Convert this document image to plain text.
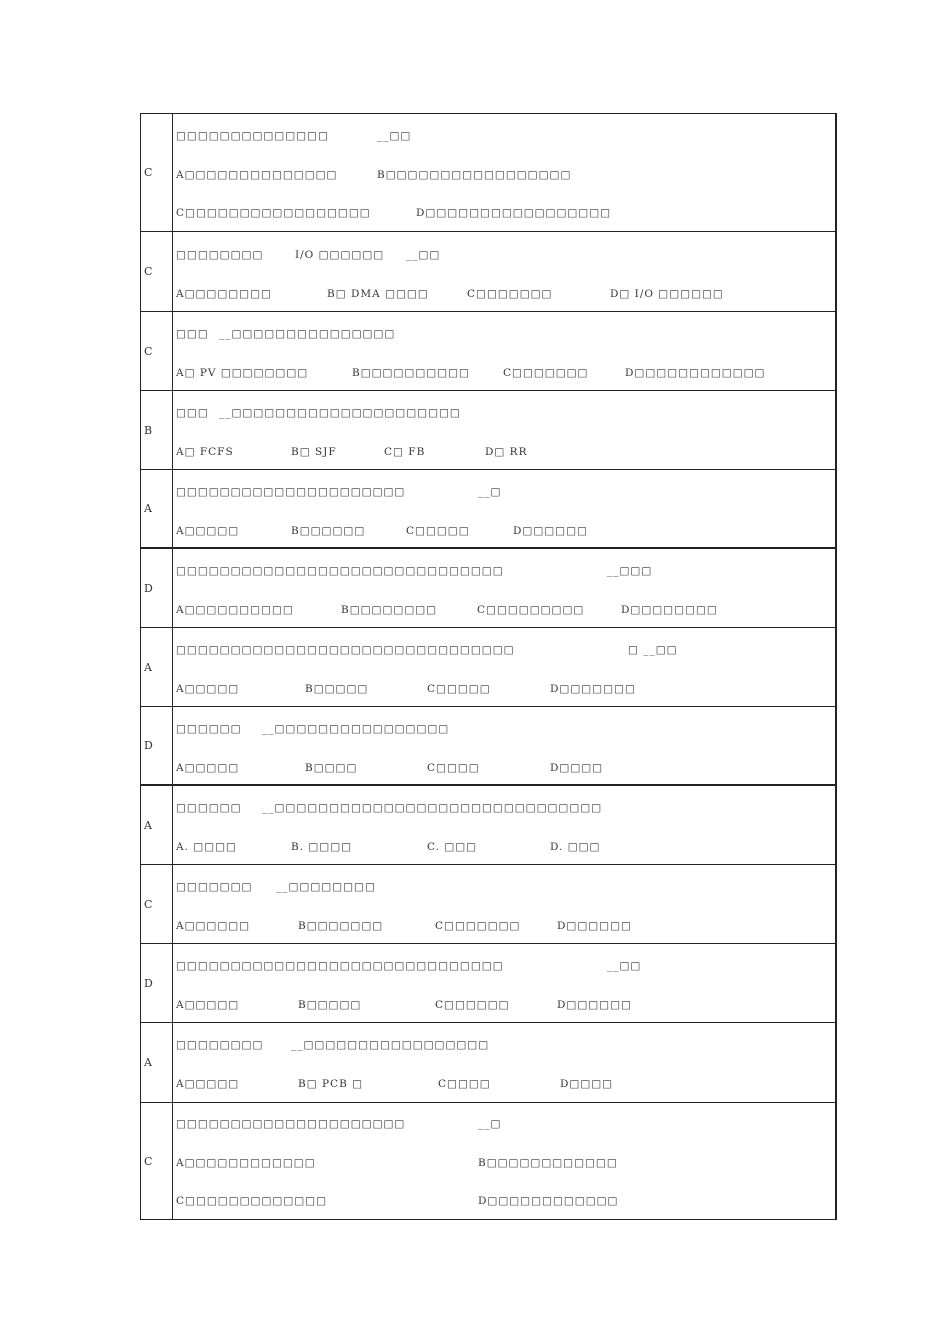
C
□□□□□□□□□□□□□□	__□□
A□□□□□□□□□□□□□□	B□□□□□□□□□□□□□□□□□
C□□□□□□□□□□□□□□□□□	D□□□□□□□□□□□□□□□□□
C
□□□□□□□□	I/O □□□□□□ __□□
A□□□□□□□□	B□ DMA □□□□	C□□□□□□□	D□ I/O □□□□□□
C
□□□ __□□□□□□□□□□□□□□□
A□ PV □□□□□□□□	B□□□□□□□□□□	C□□□□□□□	D□□□□□□□□□□□□
B
□□□ __□□□□□□□□□□□□□□□□□□□□□
A□ FCFS	B□ SJF	C□ FB	D□ RR
A
□□□□□□□□□□□□□□□□□□□□□	__□
A□□□□□	B□□□□□□	C□□□□□	D□□□□□□
D
□□□□□□□□□□□□□□□□□□□□□□□□□□□□□□	__□□□
A□□□□□□□□□□	B□□□□□□□□	C□□□□□□□□□	D□□□□□□□□
A
□□□□□□□□□□□□□□□□□□□□□□□□□□□□□□□	□ __□□
A□□□□□	B□□□□□	C□□□□□	D□□□□□□□
D
□□□□□□ __□□□□□□□□□□□□□□□□
A□□□□□	B□□□□	C□□□□	D□□□□
A
□□□□□□ __□□□□□□□□□□□□□□□□□□□□□□□□□□□□□□
A. □□□□	B. □□□□	C. □□□	D. □□□
C
□□□□□□□ __□□□□□□□□
A□□□□□□	B□□□□□□□	C□□□□□□□	D□□□□□□
D
□□□□□□□□□□□□□□□□□□□□□□□□□□□□□□	__□□
A□□□□□	B□□□□□	C□□□□□□	D□□□□□□
A
□□□□□□□□	__□□□□□□□□□□□□□□□□□
A□□□□□	B□ PCB □	C□□□□	D□□□□
C
□□□□□□□□□□□□□□□□□□□□□	__□
A□□□□□□□□□□□□	B□□□□□□□□□□□□
C□□□□□□□□□□□□□	D□□□□□□□□□□□□
